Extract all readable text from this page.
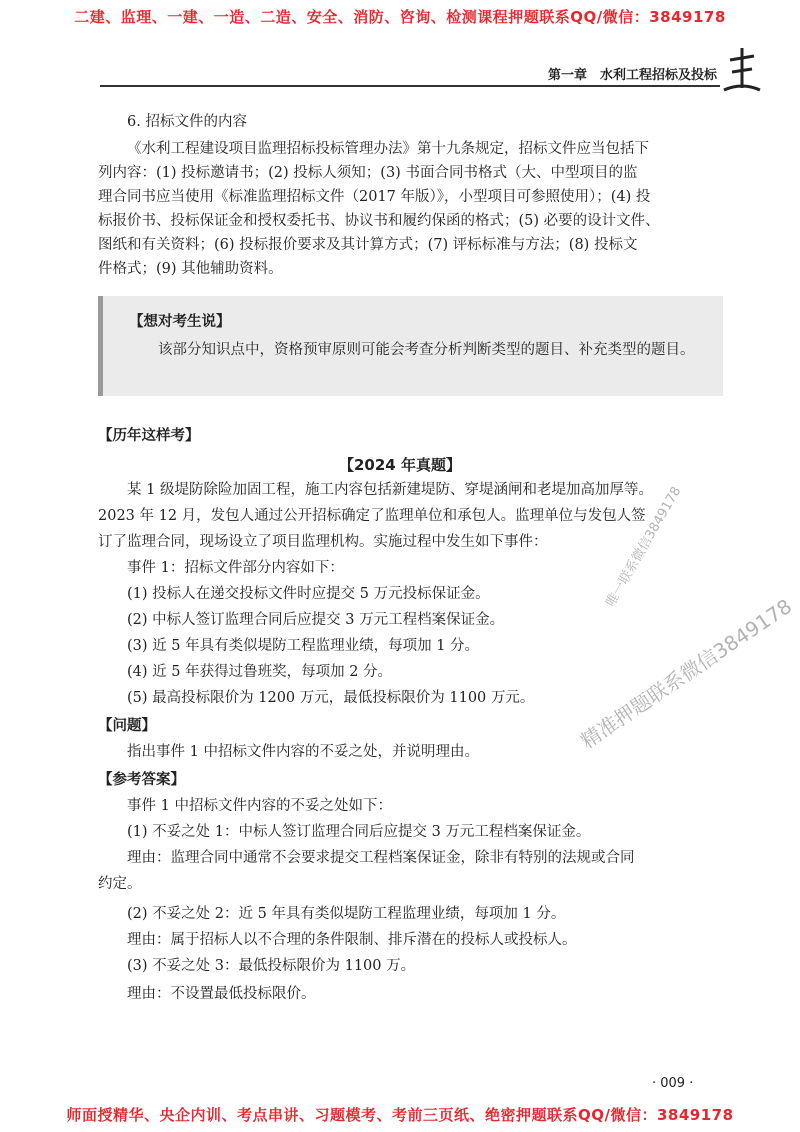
二建、监理、一建、一造、二造、安全、消防、咨询、检测课程押题联系QQ/微信：3849178
第一章　水利工程招标及投标

6. 招标文件的内容

《水利工程建设项目监理招标投标管理办法》第十九条规定，招标文件应当包括下

列内容：(1) 投标邀请书；(2) 投标人须知；(3) 书面合同书格式（大、中型项目的监

理合同书应当使用《标准监理招标文件（2017 年版）》，小型项目可参照使用）；(4) 投

标报价书、投标保证金和授权委托书、协议书和履约保函的格式；(5) 必要的设计文件、

图纸和有关资料；(6) 投标报价要求及其计算方式；(7) 评标标准与方法；(8) 投标文

件格式；(9) 其他辅助资料。

【想对考生说】
该部分知识点中，资格预审原则可能会考查分析判断类型的题目、补充类型的题目。
【历年这样考】
【2024 年真题】
　　某 1 级堤防除险加固工程，施工内容包括新建堤防、穿堤涵闸和老堤加高加厚等。
2023 年 12 月，发包人通过公开招标确定了监理单位和承包人。监理单位与发包人签
订了监理合同，现场设立了项目监理机构。实施过程中发生如下事件：
　　事件 1：招标文件部分内容如下：
　　(1) 投标人在递交投标文件时应提交 5 万元投标保证金。
　　(2) 中标人签订监理合同后应提交 3 万元工程档案保证金。
　　(3) 近 5 年具有类似堤防工程监理业绩，每项加 1 分。
　　(4) 近 5 年获得过鲁班奖，每项加 2 分。
　　(5) 最高投标限价为 1200 万元，最低投标限价为 1100 万元。
【问题】
　　指出事件 1 中招标文件内容的不妥之处，并说明理由。
【参考答案】
　　事件 1 中招标文件内容的不妥之处如下：
　　(1) 不妥之处 1：中标人签订监理合同后应提交 3 万元工程档案保证金。
　　理由：监理合同中通常不会要求提交工程档案保证金，除非有特别的法规或合同
约定。
　　(2) 不妥之处 2：近 5 年具有类似堤防工程监理业绩，每项加 1 分。
　　理由：属于招标人以不合理的条件限制、排斥潜在的投标人或投标人。
　　(3) 不妥之处 3：最低投标限价为 1100 万。
　　理由：不设置最低投标限价。
精准押题联系微信3849178
唯一联系微信3849178
· 009 ·
师面授精华、央企内训、考点串讲、习题模考、考前三页纸、绝密押题联系QQ/微信：3849178
